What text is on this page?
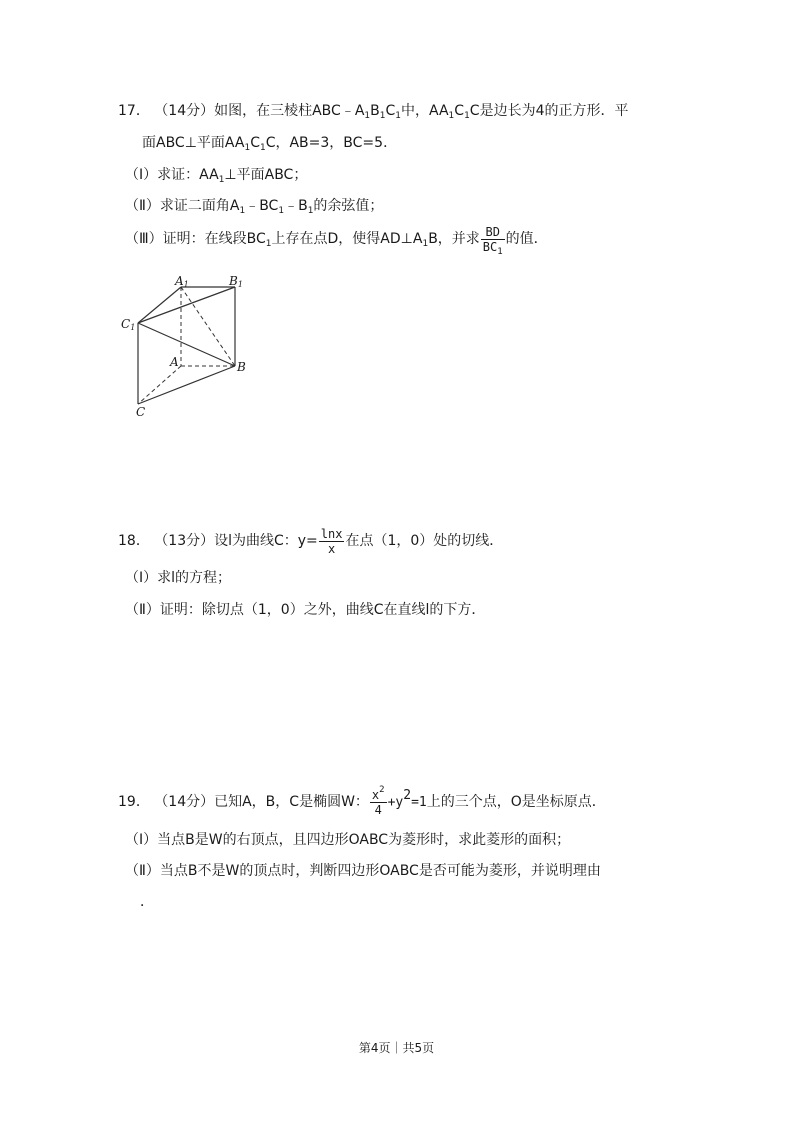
17． （14分）如图，在三棱柱$ABC﹣A_1B_1C_1$中，$AA_1C_1C$是边长为4的正方形．平
面ABC⊥平面$AA_1C_1C$，AB=3，BC=5．
（Ⅰ）求证：$AA_1\perp$平面ABC；
（Ⅱ）求证二面角$A_1﹣BC_1﹣B_1$的余弦值；
（Ⅲ）证明：在线段$BC_1$上存在点D，使得$AD\perp A_1B$，并求 $\frac{BD}{BC_1}$ 的值．
A1	B1
C1
A	B
C
18． （13分）设l为曲线C：$y= \frac{\ln x}{x}$ 在点（1，0）处的切线．
（Ⅰ）求l的方程；
（Ⅱ）证明：除切点（1，0）之外，曲线C在直线l的下方．
19． （14分）已知A，B，C是椭圆W： $\frac{x^2}{4} +y^2=1$上的三个点，O是坐标原点．
（Ⅰ）当点B是W的右顶点，且四边形OABC为菱形时，求此菱形的面积；
（Ⅱ）当点B不是W的顶点时，判断四边形OABC是否可能为菱形，并说明理由
．
第4页｜共5页
